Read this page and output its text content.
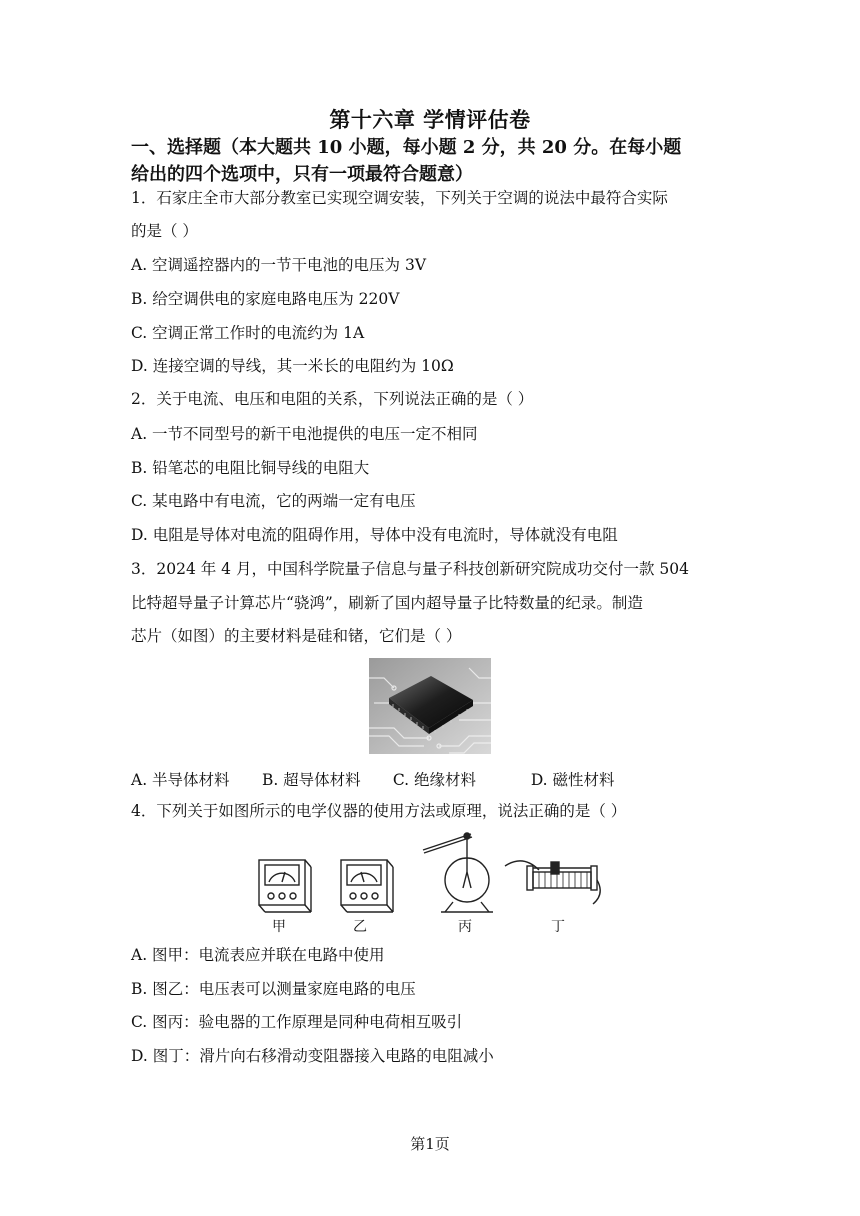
第十六章 学情评估卷
一、选择题（本大题共 10 小题，每小题 2 分，共 20 分。在每小题
给出的四个选项中，只有一项最符合题意）
1．石家庄全市大部分教室已实现空调安装，下列关于空调的说法中最符合实际
的是（ ）
A. 空调遥控器内的一节干电池的电压为 3V
B. 给空调供电的家庭电路电压为 220V
C. 空调正常工作时的电流约为 1A
D. 连接空调的导线，其一米长的电阻约为 10Ω
2．关于电流、电压和电阻的关系，下列说法正确的是（ ）
A. 一节不同型号的新干电池提供的电压一定不相同
B. 铅笔芯的电阻比铜导线的电阻大
C. 某电路中有电流，它的两端一定有电压
D. 电阻是导体对电流的阻碍作用，导体中没有电流时，导体就没有电阻
3．2024 年 4 月，中国科学院量子信息与量子科技创新研究院成功交付一款 504
比特超导量子计算芯片“骁鸿”，刷新了国内超导量子比特数量的纪录。制造
芯片（如图）的主要材料是硅和锗，它们是（ ）
A. 半导体材料 B. 超导体材料 C. 绝缘材料	D. 磁性材料
4．下列关于如图所示的电学仪器的使用方法或原理，说法正确的是（ ）
甲	乙	丙	丁
A. 图甲：电流表应并联在电路中使用
B. 图乙：电压表可以测量家庭电路的电压
C. 图丙：验电器的工作原理是同种电荷相互吸引
D. 图丁：滑片向右移滑动变阻器接入电路的电阻减小
第1页
